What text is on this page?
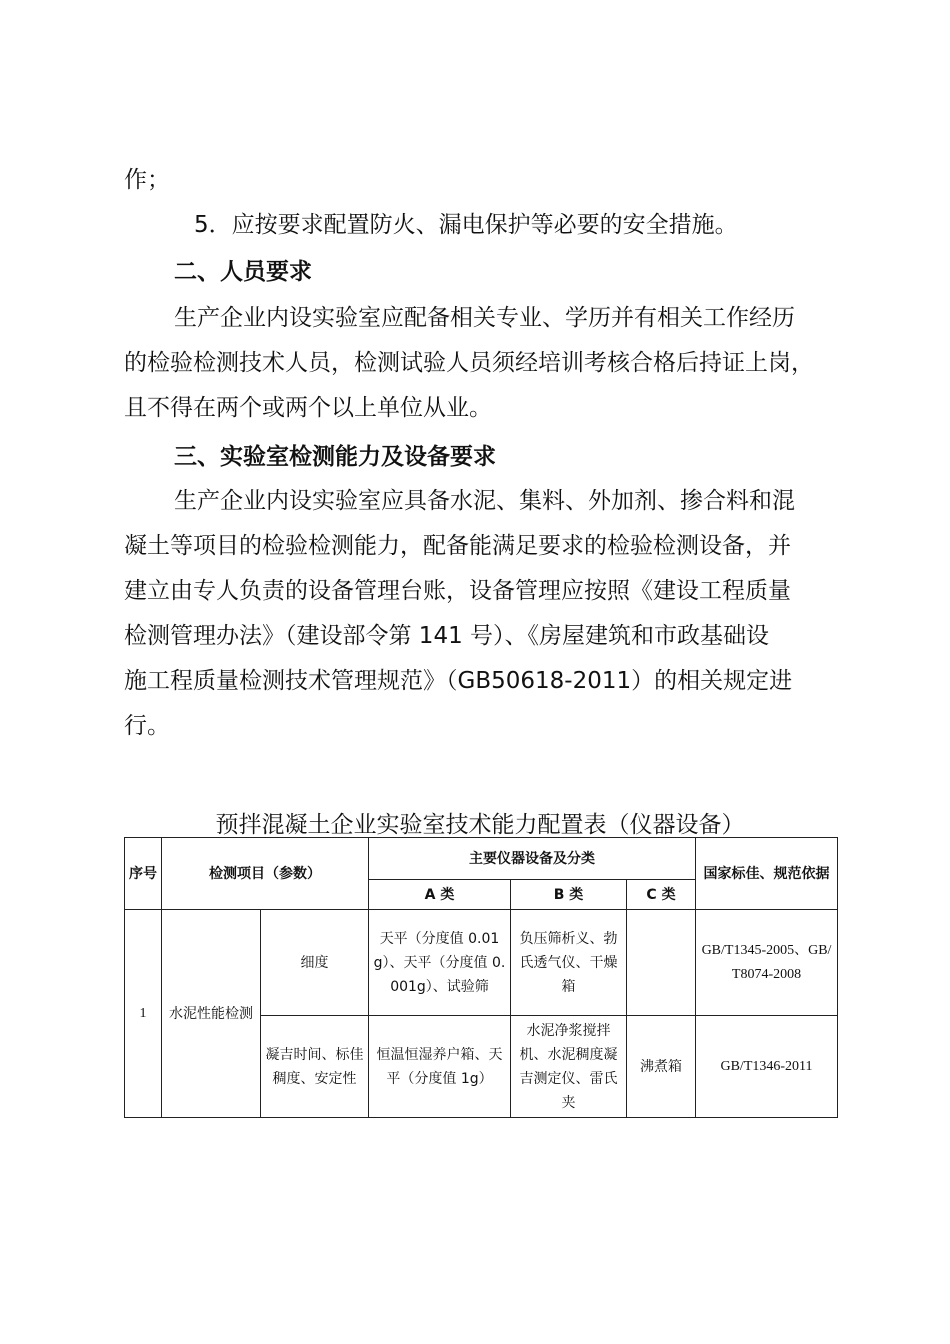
作；
5．应按要求配置防火、漏电保护等必要的安全措施。
二、人员要求
生产企业内设实验室应配备相关专业、学历并有相关工作经历
的检验检测技术人员，检测试验人员须经培训考核合格后持证上岗，
且不得在两个或两个以上单位从业。
三、实验室检测能力及设备要求
生产企业内设实验室应具备水泥、集料、外加剂、掺合料和混
凝土等项目的检验检测能力，配备能满足要求的检验检测设备，并
建立由专人负责的设备管理台账，设备管理应按照《建设工程质量
检测管理办法》（建设部令第 141 号）、《房屋建筑和市政基础设
施工程质量检测技术管理规范》（GB50618-2011）的相关规定进
行。
预拌混凝土企业实验室技术能力配置表（仪器设备）
序号	检测项目（参数）		主要仪器设备及分类			国家标佳、规范依据
			A 类	B 类	C 类	
1	水泥性能检测	细度	天平（分度值 0.01g）、天平（分度值 0.001g）、试验筛	负压筛析义、勃氏透气仪、干燥箱		GB/T1345-2005、GB/T8074-2008
		凝吉时间、标佳稠度、安定性	恒温恒湿养户箱、天平（分度值 1g）	水泥净浆搅拌机、水泥稠度凝吉测定仪、雷氏夹	沸煮箱	GB/T1346-2011
